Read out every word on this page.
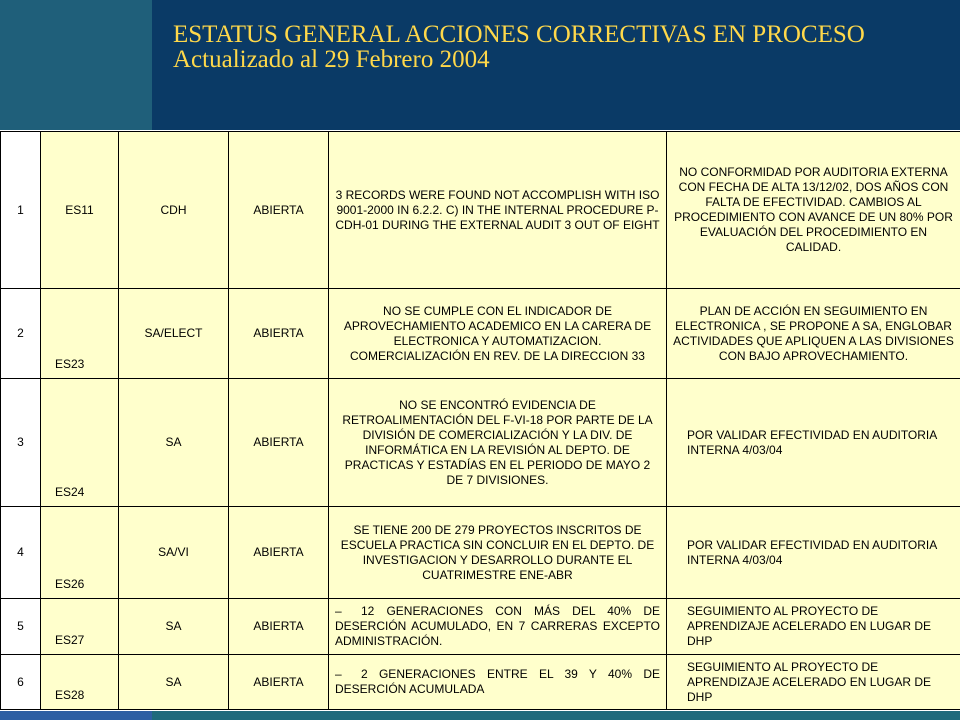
ESTATUS GENERAL ACCIONES CORRECTIVAS EN PROCESO
Actualizado al 29 Febrero 2004
1	ES11	CDH	ABIERTA	3 RECORDS WERE FOUND NOT ACCOMPLISH WITH ISO 9001-2000 IN 6.2.2. C) IN THE INTERNAL PROCEDURE P-CDH-01 DURING THE EXTERNAL AUDIT 3 OUT OF EIGHT	NO CONFORMIDAD POR AUDITORIA EXTERNA CON FECHA DE ALTA 13/12/02, DOS AÑOS CON FALTA DE EFECTIVIDAD. CAMBIOS AL PROCEDIMIENTO CON AVANCE DE UN 80% POR EVALUACIÓN DEL PROCEDIMIENTO EN CALIDAD.
2	ES23	SA/ELECT	ABIERTA	NO SE CUMPLE CON EL INDICADOR DE APROVECHAMIENTO ACADEMICO EN LA CARERA DE ELECTRONICA Y AUTOMATIZACION. COMERCIALIZACIÓN EN REV. DE LA DIRECCION 33	PLAN DE ACCIÓN EN SEGUIMIENTO EN ELECTRONICA , SE PROPONE A SA, ENGLOBAR ACTIVIDADES QUE APLIQUEN A LAS DIVISIONES CON BAJO APROVECHAMIENTO.
3	ES24	SA	ABIERTA	NO SE ENCONTRÓ EVIDENCIA DE RETROALIMENTACIÓN DEL F-VI-18 POR PARTE DE LA DIVISIÓN DE COMERCIALIZACIÓN Y LA DIV. DE INFORMÁTICA EN LA REVISIÓN AL DEPTO. DE PRACTICAS Y ESTADÍAS EN EL PERIODO DE MAYO 2 DE 7 DIVISIONES.	POR VALIDAR EFECTIVIDAD EN AUDITORIA INTERNA 4/03/04

4	ES26	SA/VI	ABIERTA	SE TIENE 200 DE 279 PROYECTOS INSCRITOS DE ESCUELA PRACTICA SIN CONCLUIR EN EL DEPTO. DE INVESTIGACION Y DESARROLLO DURANTE EL CUATRIMESTRE ENE-ABR	POR VALIDAR EFECTIVIDAD EN AUDITORIA INTERNA 4/03/04

5	ES27	SA	ABIERTA	– 12 GENERACIONES CON MÁS DEL 40% DE DESERCIÓN ACUMULADO, EN 7 CARRERAS EXCEPTO ADMINISTRACIÓN.	SEGUIMIENTO AL PROYECTO DE APRENDIZAJE ACELERADO EN LUGAR DE DHP

6	ES28	SA	ABIERTA	– 2 GENERACIONES ENTRE EL 39 Y 40% DE DESERCIÓN ACUMULADA	SEGUIMIENTO AL PROYECTO DE APRENDIZAJE ACELERADO EN LUGAR DE DHP
